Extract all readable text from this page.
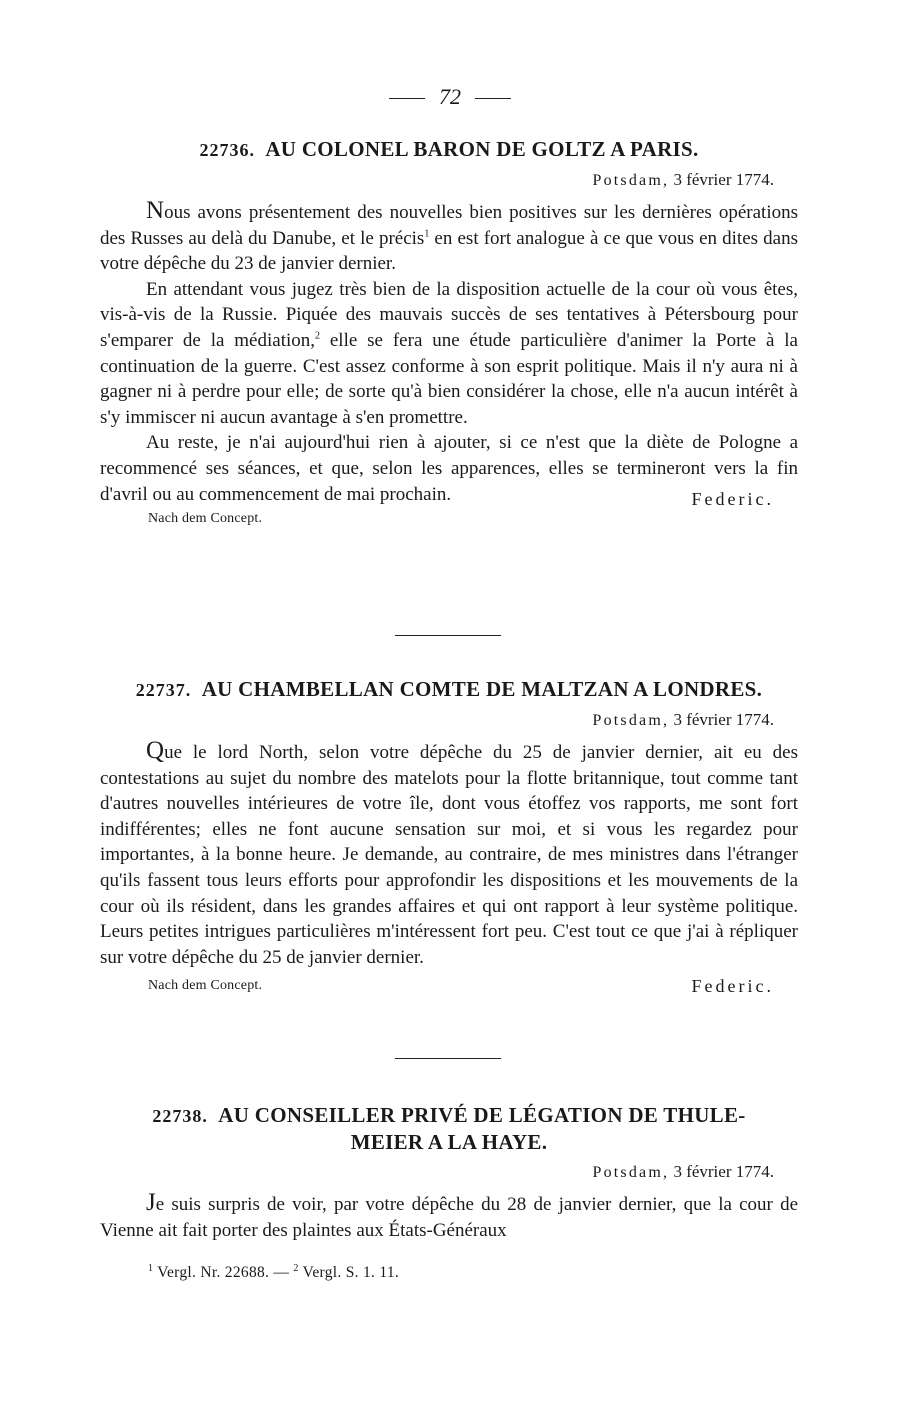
72
22736. AU COLONEL BARON DE GOLTZ A PARIS.
Potsdam, 3 février 1774.

Nous avons présentement des nouvelles bien positives sur les dernières opérations des Russes au delà du Danube, et le précis$^1$ en est fort analogue à ce que vous en dites dans votre dépêche du 23 de janvier dernier.

En attendant vous jugez très bien de la disposition actuelle de la cour où vous êtes, vis-à-vis de la Russie. Piquée des mauvais succès de ses tentatives à Pétersbourg pour s'emparer de la médiation,$^2$ elle se fera une étude particulière d'animer la Porte à la continuation de la guerre. C'est assez conforme à son esprit politique. Mais il n'y aura ni à gagner ni à perdre pour elle; de sorte qu'à bien considérer la chose, elle n'a aucun intérêt à s'y immiscer ni aucun avantage à s'en promettre.

Au reste, je n'ai aujourd'hui rien à ajouter, si ce n'est que la diète de Pologne a recommencé ses séances, et que, selon les apparences, elles se termineront vers la fin d'avril ou au commencement de mai prochain.

Nach dem Concept.
Federic.
22737. AU CHAMBELLAN COMTE DE MALTZAN A LONDRES.
Potsdam, 3 février 1774.

Que le lord North, selon votre dépêche du 25 de janvier dernier, ait eu des contestations au sujet du nombre des matelots pour la flotte britannique, tout comme tant d'autres nouvelles intérieures de votre île, dont vous étoffez vos rapports, me sont fort indifférentes; elles ne font aucune sensation sur moi, et si vous les regardez pour importantes, à la bonne heure. Je demande, au contraire, de mes ministres dans l'étranger qu'ils fassent tous leurs efforts pour approfondir les dispositions et les mouvements de la cour où ils résident, dans les grandes affaires et qui ont rapport à leur système politique. Leurs petites intrigues particulières m'intéressent fort peu. C'est tout ce que j'ai à répliquer sur votre dépêche du 25 de janvier dernier.

Nach dem Concept.	Federic.
22738. AU CONSEILLER PRIVÉ DE LÉGATION DE THULE-
MEIER A LA HAYE.
Potsdam, 3 février 1774.

Je suis surpris de voir, par votre dépêche du 28 de janvier dernier, que la cour de Vienne ait fait porter des plaintes aux États-Généraux

$^1$ Vergl. Nr. 22688. — $^2$ Vergl. S. 1. 11.
